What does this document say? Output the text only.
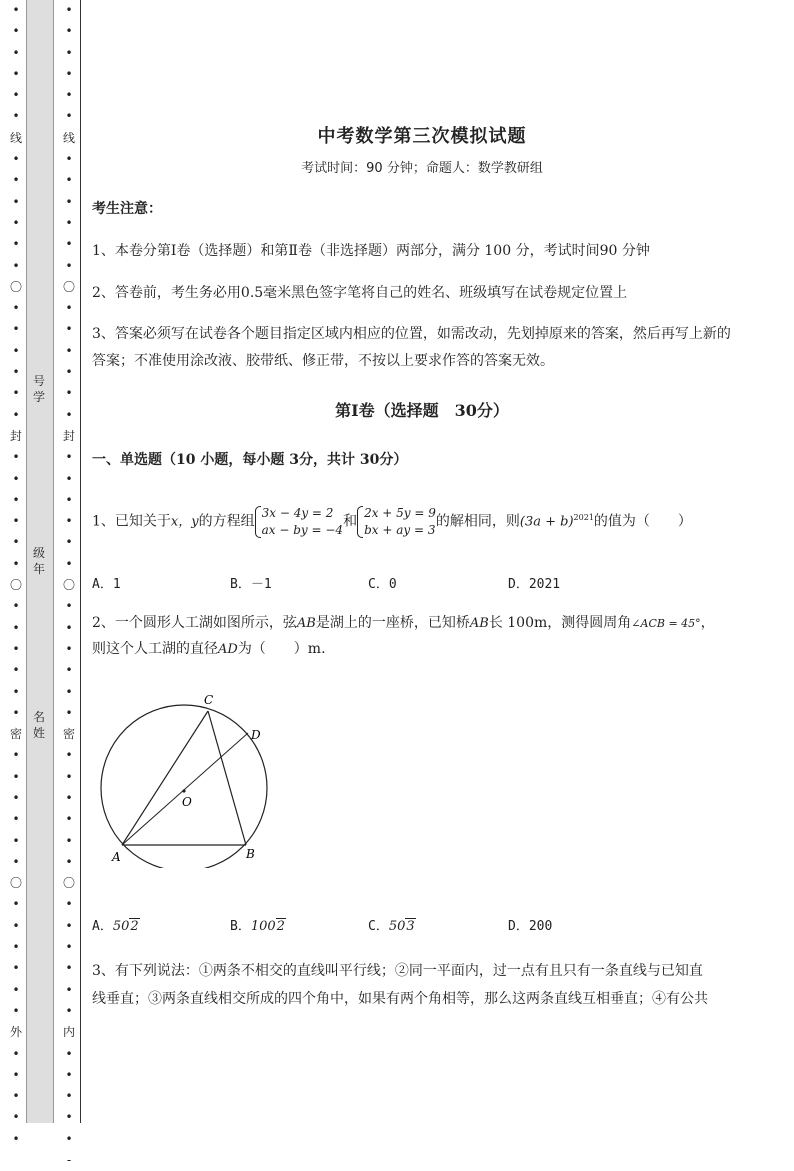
•
•
•
•
•
•
线
•
•
•
•
•
•
〇
•
•
•
•
•
•
封
•
•
•
•
•
•
〇
•
•
•
•
•
•
密
•
•
•
•
•
•
〇
•
•
•
•
•
•
外
•
•
•
•
•
•
•
•
•
•
•
线
•
•
•
•
•
•
〇
•
•
•
•
•
•
封
•
•
•
•
•
•
〇
•
•
•
•
•
•
密
•
•
•
•
•
•
〇
•
•
•
•
•
•
内
•
•
•
•
•
-
号
学
级
年
名
姓
中考数学第三次模拟试题
考试时间：90 分钟；命题人：数学教研组
考生注意：
1、本卷分第Ⅰ卷（选择题）和第Ⅱ卷（非选择题）两部分，满分 100 分，考试时间90 分钟
2、答卷前，考生务必用0.5毫米黑色签字笔将自己的姓名、班级填写在试卷规定位置上
3、答案必须写在试卷各个题目指定区域内相应的位置，如需改动，先划掉原来的答案，然后再写上新的答案；不准使用涂改液、胶带纸、修正带，不按以上要求作答的答案无效。
第Ⅰ卷（选择题　30分）
一、单选题（10 小题，每小题 3分，共计 30分）
1、已知关于x，y的方程组
3x − 4y = 2
ax − by = −4 和
2x + 5y = 9
bx + ay = 3 的解相同，则$(3a + b)^{2021}$的值为（　　）
A．1	B．－1	C．0	D．2021
2、一个圆形人工湖如图所示，弦AB是湖上的一座桥，已知桥AB长 100m，测得圆周角∠ACB = 45°，
则这个人工湖的直径AD为（　　）m.
A．502	B．1002	C．503	D．200
3、有下列说法：①两条不相交的直线叫平行线；②同一平面内，过一点有且只有一条直线与已知直
线垂直；③两条直线相交所成的四个角中，如果有两个角相等，那么这两条直线互相垂直；④有公共
A	B
C
D
O
